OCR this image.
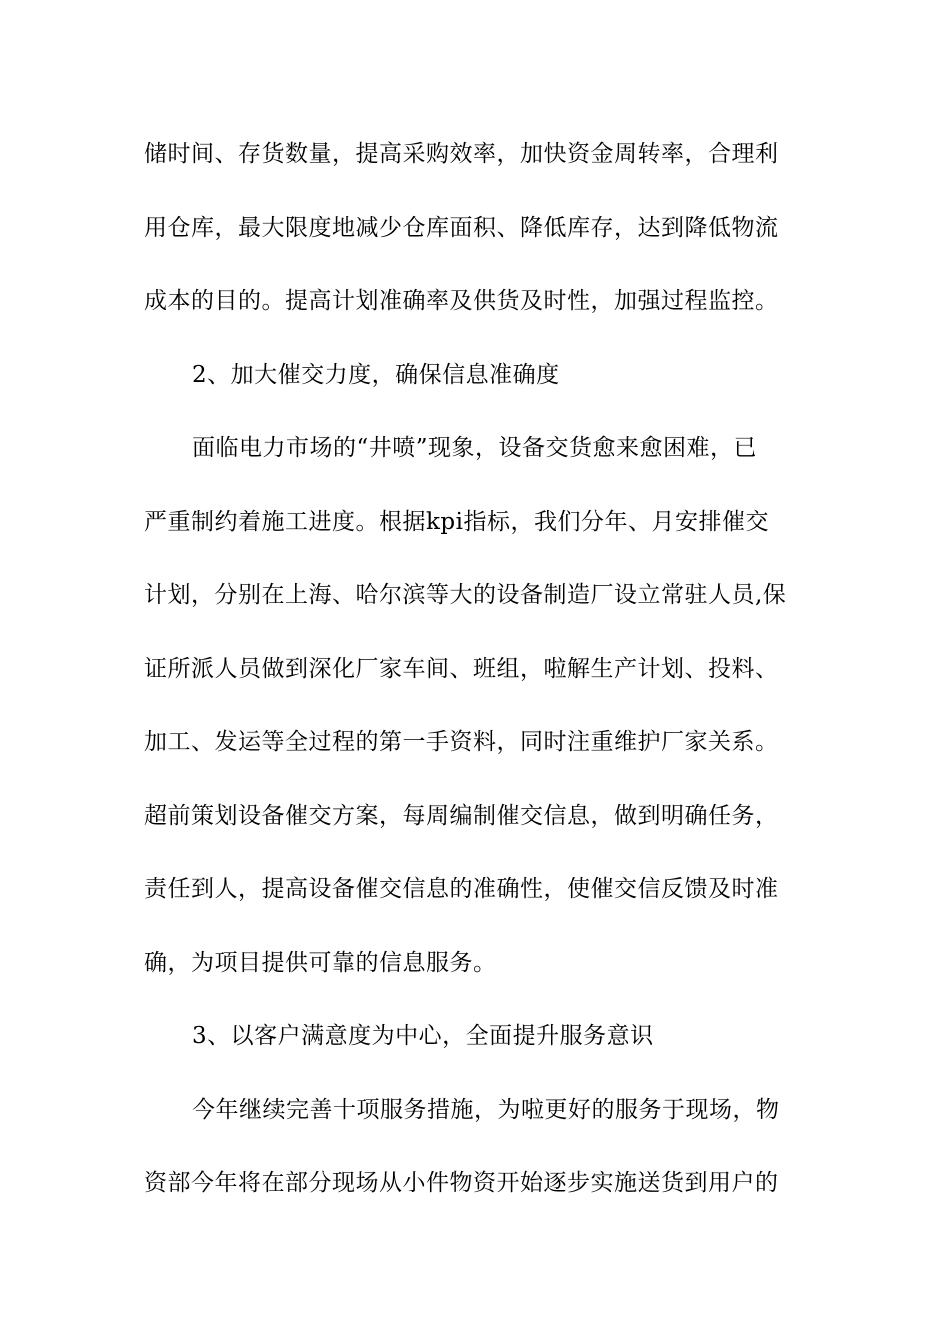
储时间、存货数量，提高采购效率，加快资金周转率，合理利
用仓库，最大限度地减少仓库面积、降低库存，达到降低物流
成本的目的。提高计划准确率及供货及时性，加强过程监控。
2、加大催交力度，确保信息准确度
面临电力市场的“井喷”现象，设备交货愈来愈困难，已
严重制约着施工进度。根据kpi指标，我们分年、月安排催交
计划，分别在上海、哈尔滨等大的设备制造厂设立常驻人员,保
证所派人员做到深化厂家车间、班组，啦解生产计划、投料、
加工、发运等全过程的第一手资料，同时注重维护厂家关系。
超前策划设备催交方案，每周编制催交信息，做到明确任务，
责任到人，提高设备催交信息的准确性，使催交信反馈及时准
确，为项目提供可靠的信息服务。
3、以客户满意度为中心，全面提升服务意识
今年继续完善十项服务措施，为啦更好的服务于现场，物
资部今年将在部分现场从小件物资开始逐步实施送货到用户的
